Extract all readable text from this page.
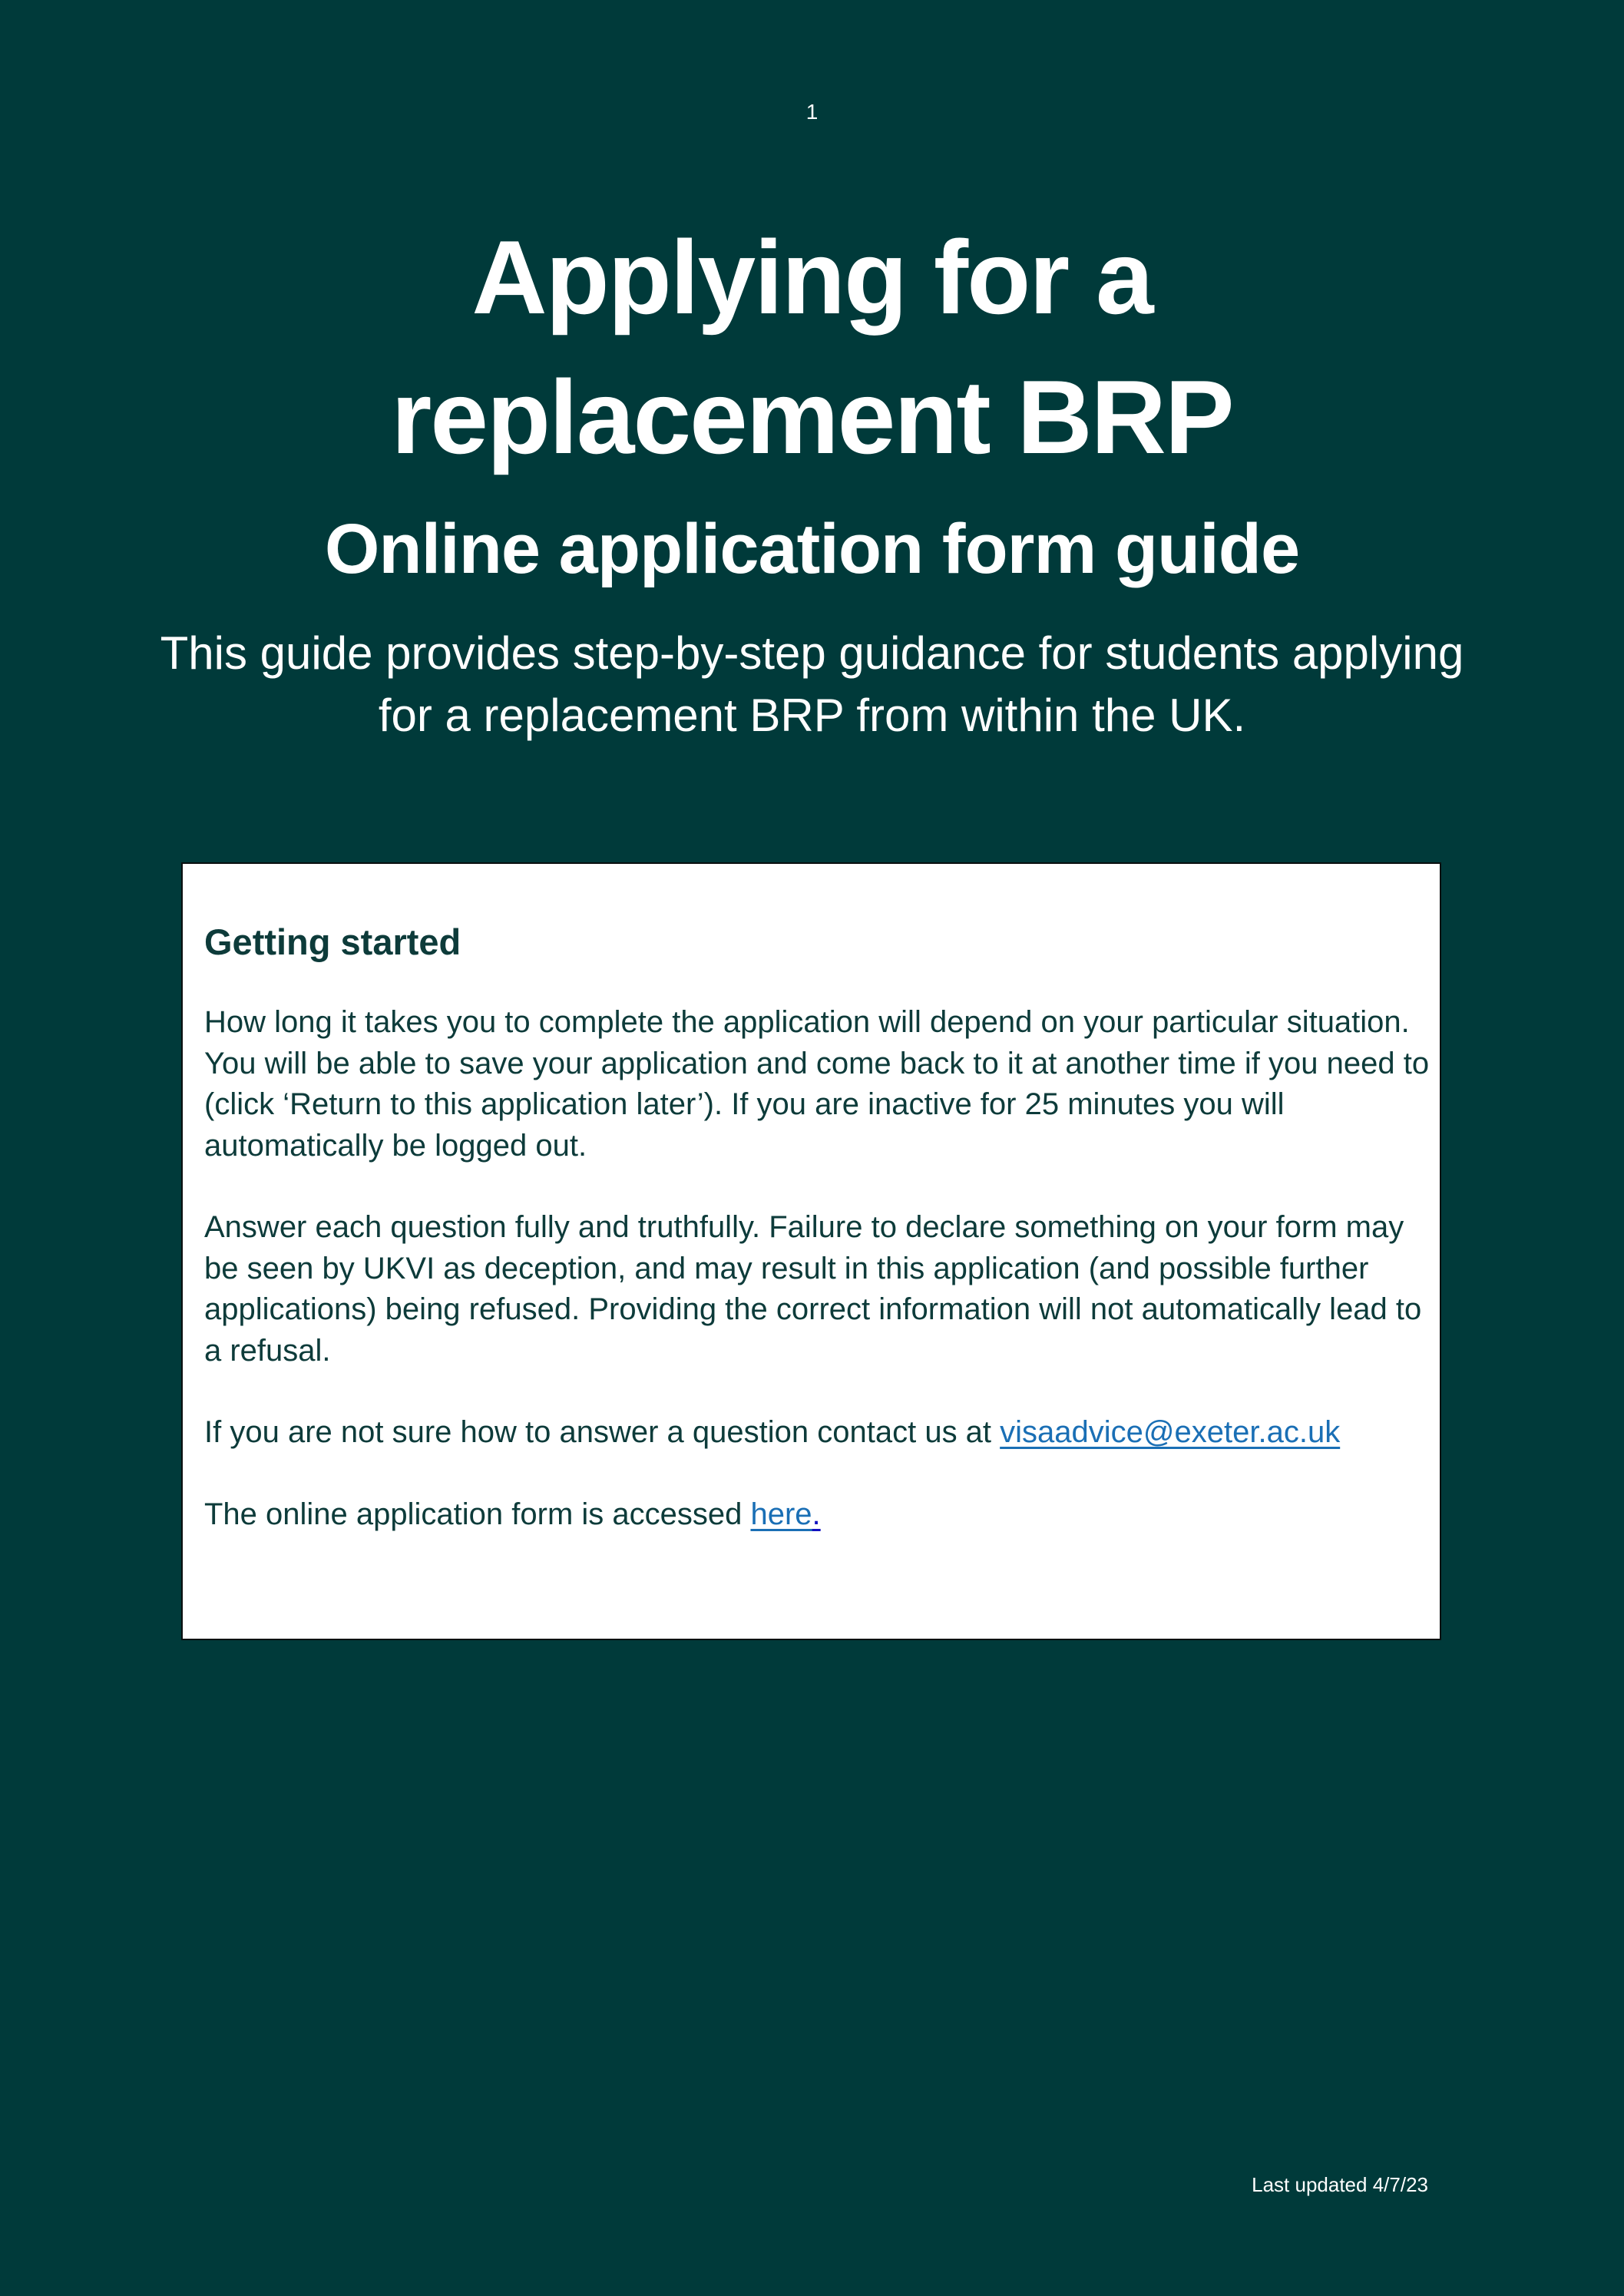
1
Applying for a
replacement BRP
Online application form guide
This guide provides step-by-step guidance for students applying for a replacement BRP from within the UK.
Getting started

How long it takes you to complete the application will depend on your particular situation. You will be able to save your application and come back to it at another time if you need to (click ‘Return to this application later’). If you are inactive for 25 minutes you will automatically be logged out.

Answer each question fully and truthfully. Failure to declare something on your form may be seen by UKVI as deception, and may result in this application (and possible further applications) being refused. Providing the correct information will not automatically lead to a refusal.

If you are not sure how to answer a question contact us at visaadvice@exeter.ac.uk

The online application form is accessed here.

Last updated 4/7/23
